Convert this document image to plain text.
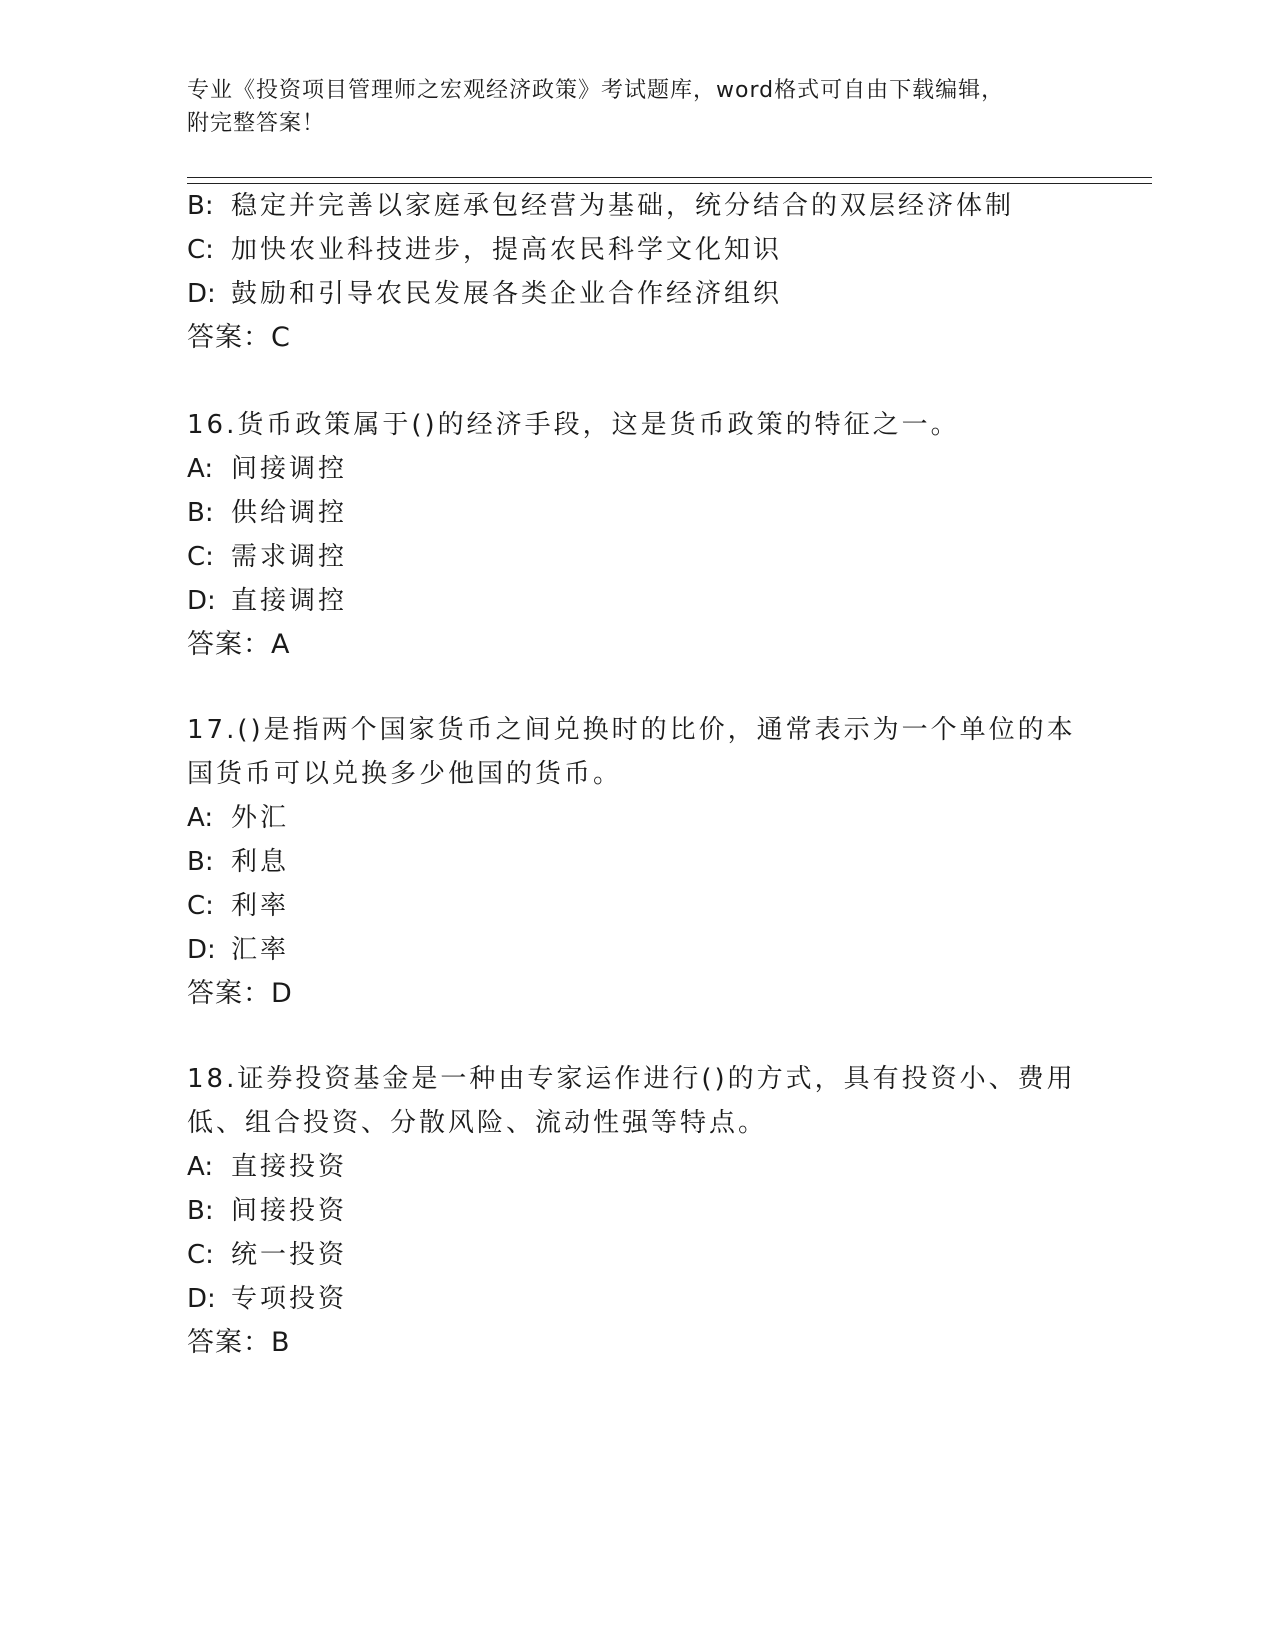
专业《投资项目管理师之宏观经济政策》考试题库，word格式可自由下载编辑，
附完整答案！
B: 稳定并完善以家庭承包经营为基础，统分结合的双层经济体制
C: 加快农业科技进步，提高农民科学文化知识
D: 鼓励和引导农民发展各类企业合作经济组织
答案：C
16.货币政策属于()的经济手段，这是货币政策的特征之一。
A: 间接调控
B: 供给调控
C: 需求调控
D: 直接调控
答案：A
17.()是指两个国家货币之间兑换时的比价，通常表示为一个单位的本
国货币可以兑换多少他国的货币。
A: 外汇
B: 利息
C: 利率
D: 汇率
答案：D
18.证券投资基金是一种由专家运作进行()的方式，具有投资小、费用
低、组合投资、分散风险、流动性强等特点。
A: 直接投资
B: 间接投资
C: 统一投资
D: 专项投资
答案：B
